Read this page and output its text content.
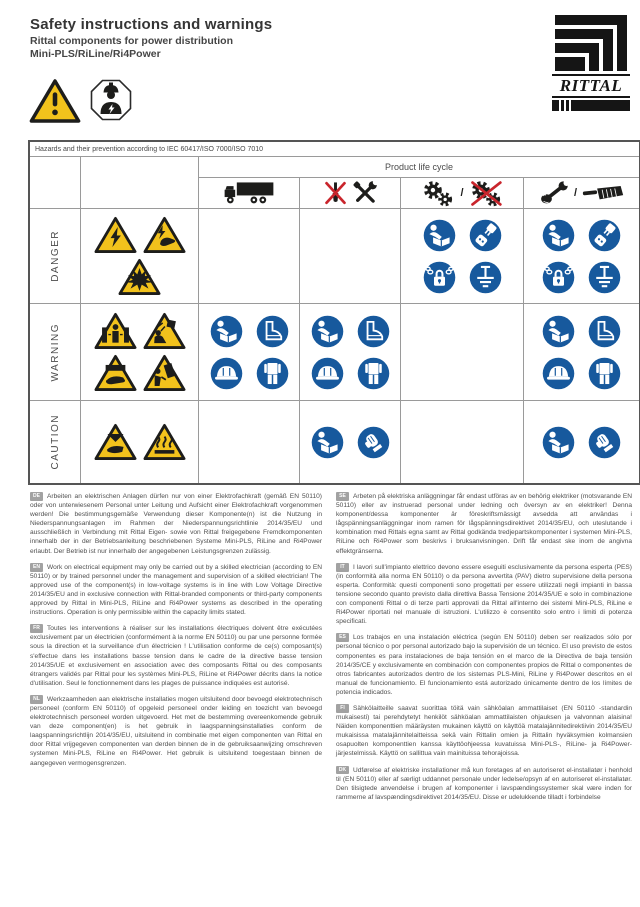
Safety instructions and warnings
Rittal components for power distribution
Mini-PLS/RiLine/Ri4Power
RITTAL
Hazards and their prevention according to IEC 60417/ISO 7000/ISO 7010
Product life cycle
/	/
DANGER
WARNING
CAUTION

DE Arbeiten an elektrischen Anlagen dürfen nur von einer Elektrofachkraft (gemäß EN 50110) oder von unterwiesenem Personal unter Leitung und Aufsicht einer Elektrofachkraft vorgenommen werden! Die bestimmungsgemäße Verwendung dieser Komponente(n) ist die Nutzung in Niederspannungsanlagen im Rahmen der Niederspannungsrichtlinie 2014/35/EU und ausschließlich in Verbindung mit Rittal Eigen- sowie von Rittal freigegebene Fremdkomponenten innerhalb der in der Betriebsanleitung beschriebenen Systeme Mini-PLS, RiLine and Ri4Power erlaubt. Der Betrieb ist nur innerhalb der angegebenen Leistungsgrenzen zulässig.

EN Work on electrical equipment may only be carried out by a skilled electrician (according to EN 50110) or by trained personnel under the management and supervision of a skilled electrician! The approved use of the component(s) in low-voltage systems is in line with Low Voltage Directive 2014/35/EU and in exclusive connection with Rittal-branded components or third-party components approved by Rittal in Mini-PLS, RiLine and Ri4Power systems as described in the operating instructions. Operation is only permissible within the capacity limits stated.

FR Toutes les interventions à réaliser sur les installations électriques doivent être exécutées exclusivement par un électricien (conformément à la norme EN 50110) ou par une personne formée sous la direction et la surveillance d'un électricien ! L'utilisation conforme de ce(s) composant(s) s'effectue dans les installations basse tension dans le cadre de la directive basse tension 2014/35/UE et exclusivement en association avec des composants Rittal ou des composants étrangers validés par Rittal pour les systèmes Mini-PLS, RiLine et Ri4Power décrits dans la notice d'utilisation. Seul le fonctionnement dans les plages de puissance indiquées est autorisé.

NL Werkzaamheden aan elektrische installaties mogen uitsluitend door bevoegd elektrotechnisch personeel (conform EN 50110) of opgeleid personeel onder leiding en toezicht van bevoegd elektrotechnisch personeel worden uitgevoerd. Het met de bestemming overeenkomende gebruik van deze component(en) is het gebruik in laagspanningsinstallaties conform de laagspanningsrichtlijn 2014/35/EU, uitsluitend in combinatie met eigen componenten van Rittal en door Rittal vrijgegeven componenten van derden binnen de in de gebruiksaanwijzing omschreven systemen Mini-PLS, RiLine en Ri4Power. Het gebruik is uitsluitend toegestaan binnen de aangegeven vermogensgrenzen.

SE Arbeten på elektriska anläggningar får endast utföras av en behörig elektriker (motsvarande EN 50110) eller av instruerad personal under ledning och översyn av en elektriker! Denna komponent/dessa komponenter är föreskriftsmässigt avsedda att användas i lågspänningsanläggningar inom ramen för lågspänningsdirektivet 2014/35/EU, och uteslutande i kombination med Rittals egna samt av Rittal godkända tredjepartskomponenter i systemen Mini-PLS, RiLine och Ri4Power som beskrivs i bruksanvisningen. Drift får endast ske inom de angivna effektgränserna.

IT I lavori sull'impianto elettrico devono essere eseguiti esclusivamente da persona esperta (PES) (in conformità alla norma EN 50110) o da persona avvertita (PAV) dietro supervisione della persona esperta. Conformità: questi componenti sono progettati per essere utilizzati negli impianti in bassa tensione secondo quanto previsto dalla direttiva Bassa Tensione 2014/35/UE e solo in combinazione con componenti Rittal o di terze parti approvati da Rittal all'interno dei sistemi Mini-PLS, RiLine e Ri4Power riportati nel manuale di istruzioni. L'utilizzo è consentito solo entro i limiti di potenza specificati.

ES Los trabajos en una instalación eléctrica (según EN 50110) deben ser realizados sólo por personal técnico o por personal autorizado bajo la supervisión de un técnico. El uso previsto de estos componentes es para instalaciones de baja tensión en el marco de la Directiva de baja tensión 2014/35/CE y exclusivamente en combinación con componentes propios de Rittal o componentes de otros fabricantes autorizados dentro de los sistemas PLS-Mini, RiLine y Ri4Power descritos en el manual de funcionamiento. El funcionamiento está autorizado únicamente dentro de los límites de potencia indicados.

FI Sähkölaitteille saavat suorittaa töitä vain sähköalan ammattilaiset (EN 50110 -standardin mukaisesti) tai perehdytetyt henkilöt sähköalan ammattilaisten ohjauksen ja valvonnan alaisina! Näiden komponenttien määräysten mukainen käyttö on käyttöä matalajännitedirektiivin 2014/35/EU mukaisissa matalajännitelaitteissa sekä vain Rittalin omien ja Rittalin hyväksymien kolmansien osapuolten komponenttien kanssa käyttöohjeessa kuvatuissa Mini-PLS-, RiLine- ja Ri4Power-järjestelmissä. Käyttö on sallittua vain mainituissa tehorajoissa.

DK Udførelse af elektriske installationer må kun foretages af en autoriseret el-installatør i henhold til (EN 50110) eller af særligt uddannet personale under ledelse/opsyn af en autoriseret el-installatør. Den tilsigtede anvendelse i brugen af komponenter i lavspændingssystemer skal være inden for rammerne af lavspændingsdirektivet 2014/35/EU. Disse er udelukkende tilladt i forbindelse
